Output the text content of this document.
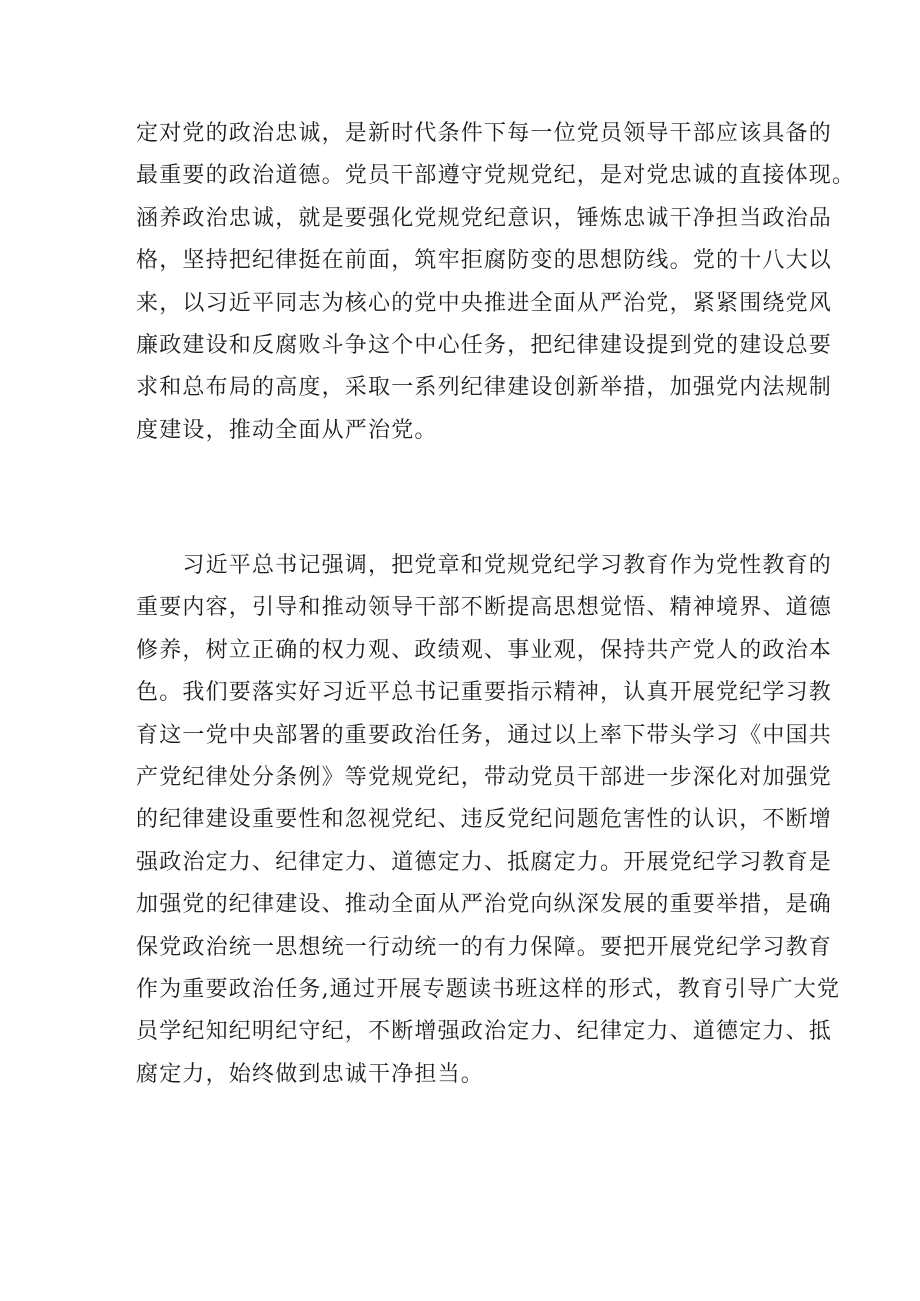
定对党的政治忠诚，是新时代条件下每一位党员领导干部应该具备的
最重要的政治道德。党员干部遵守党规党纪，是对党忠诚的直接体现。
涵养政治忠诚，就是要强化党规党纪意识，锤炼忠诚干净担当政治品
格，坚持把纪律挺在前面，筑牢拒腐防变的思想防线。党的十八大以
来，以习近平同志为核心的党中央推进全面从严治党，紧紧围绕党风
廉政建设和反腐败斗争这个中心任务，把纪律建设提到党的建设总要
求和总布局的高度，采取一系列纪律建设创新举措，加强党内法规制
度建设，推动全面从严治党。
　　习近平总书记强调，把党章和党规党纪学习教育作为党性教育的
重要内容，引导和推动领导干部不断提高思想觉悟、精神境界、道德
修养，树立正确的权力观、政绩观、事业观，保持共产党人的政治本
色。我们要落实好习近平总书记重要指示精神，认真开展党纪学习教
育这一党中央部署的重要政治任务，通过以上率下带头学习《中国共
产党纪律处分条例》等党规党纪，带动党员干部进一步深化对加强党
的纪律建设重要性和忽视党纪、违反党纪问题危害性的认识，不断增
强政治定力、纪律定力、道德定力、抵腐定力。开展党纪学习教育是
加强党的纪律建设、推动全面从严治党向纵深发展的重要举措，是确
保党政治统一思想统一行动统一的有力保障。要把开展党纪学习教育
作为重要政治任务,通过开展专题读书班这样的形式，教育引导广大党
员学纪知纪明纪守纪，不断增强政治定力、纪律定力、道德定力、抵
腐定力，始终做到忠诚干净担当。
